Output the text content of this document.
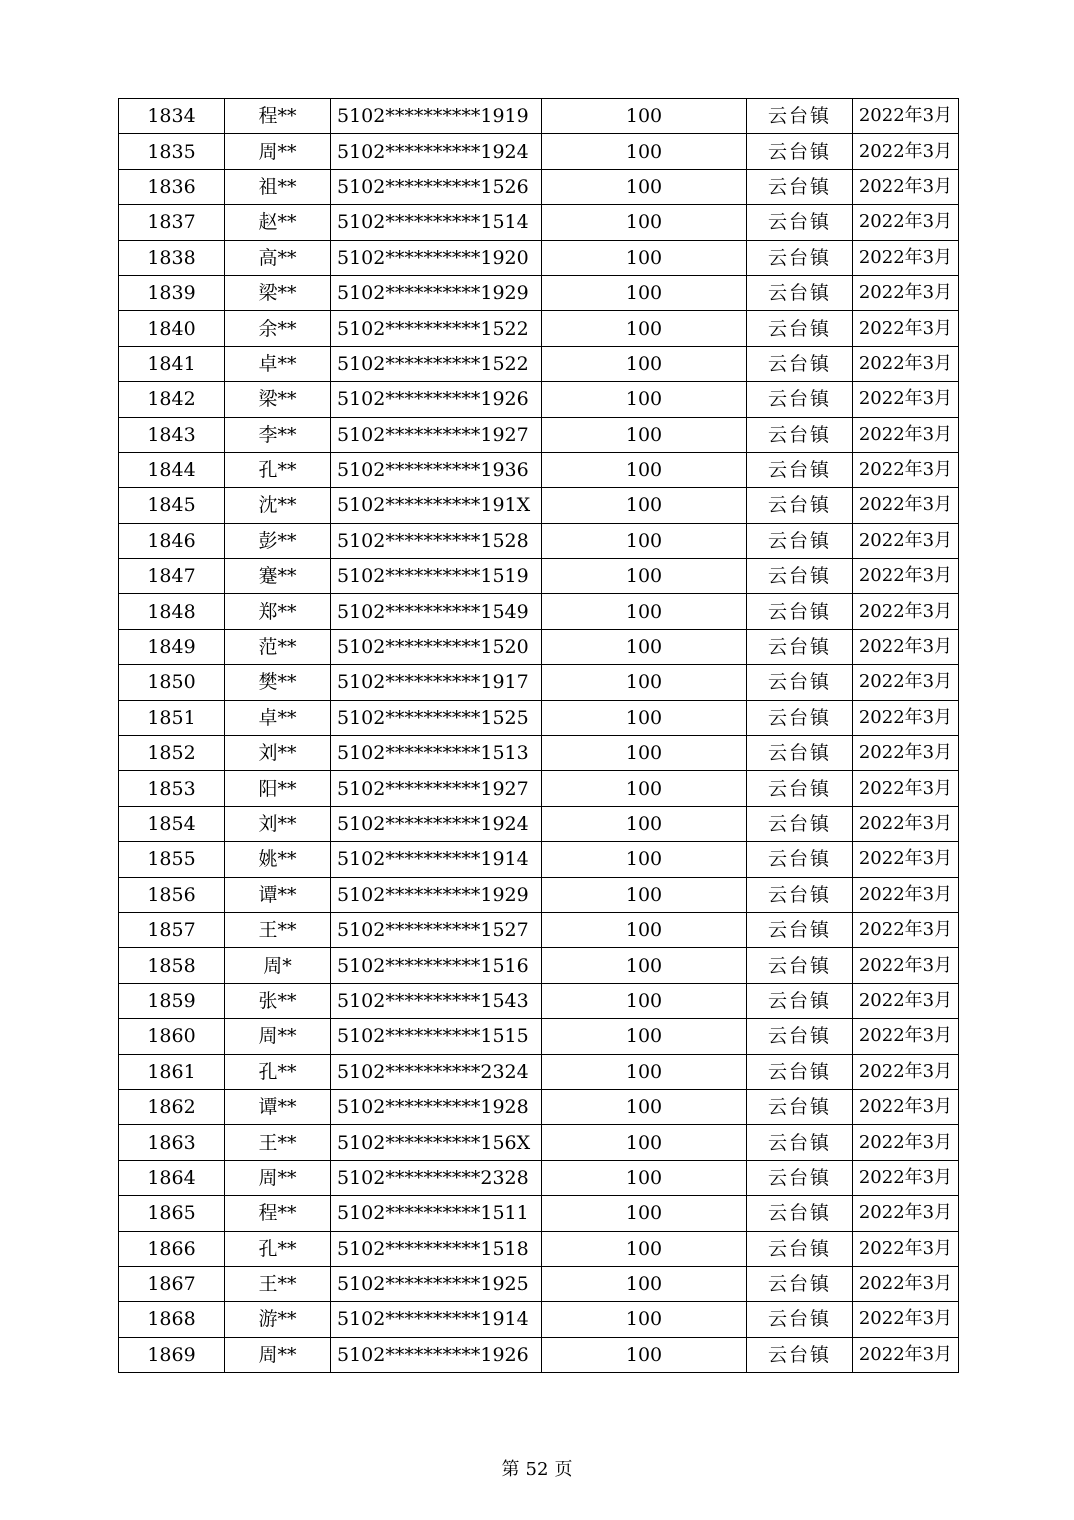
1834	程**	5102**********1919	100	云台镇	2022年3月
1835	周**	5102**********1924	100	云台镇	2022年3月
1836	祖**	5102**********1526	100	云台镇	2022年3月
1837	赵**	5102**********1514	100	云台镇	2022年3月
1838	高**	5102**********1920	100	云台镇	2022年3月
1839	梁**	5102**********1929	100	云台镇	2022年3月
1840	余**	5102**********1522	100	云台镇	2022年3月
1841	卓**	5102**********1522	100	云台镇	2022年3月
1842	梁**	5102**********1926	100	云台镇	2022年3月
1843	李**	5102**********1927	100	云台镇	2022年3月
1844	孔**	5102**********1936	100	云台镇	2022年3月
1845	沈**	5102**********191X	100	云台镇	2022年3月
1846	彭**	5102**********1528	100	云台镇	2022年3月
1847	蹇**	5102**********1519	100	云台镇	2022年3月
1848	郑**	5102**********1549	100	云台镇	2022年3月
1849	范**	5102**********1520	100	云台镇	2022年3月
1850	樊**	5102**********1917	100	云台镇	2022年3月
1851	卓**	5102**********1525	100	云台镇	2022年3月
1852	刘**	5102**********1513	100	云台镇	2022年3月
1853	阳**	5102**********1927	100	云台镇	2022年3月
1854	刘**	5102**********1924	100	云台镇	2022年3月
1855	姚**	5102**********1914	100	云台镇	2022年3月
1856	谭**	5102**********1929	100	云台镇	2022年3月
1857	王**	5102**********1527	100	云台镇	2022年3月
1858	周*	5102**********1516	100	云台镇	2022年3月
1859	张**	5102**********1543	100	云台镇	2022年3月
1860	周**	5102**********1515	100	云台镇	2022年3月
1861	孔**	5102**********2324	100	云台镇	2022年3月
1862	谭**	5102**********1928	100	云台镇	2022年3月
1863	王**	5102**********156X	100	云台镇	2022年3月
1864	周**	5102**********2328	100	云台镇	2022年3月
1865	程**	5102**********1511	100	云台镇	2022年3月
1866	孔**	5102**********1518	100	云台镇	2022年3月
1867	王**	5102**********1925	100	云台镇	2022年3月
1868	游**	5102**********1914	100	云台镇	2022年3月
1869	周**	5102**********1926	100	云台镇	2022年3月
第 52 页
